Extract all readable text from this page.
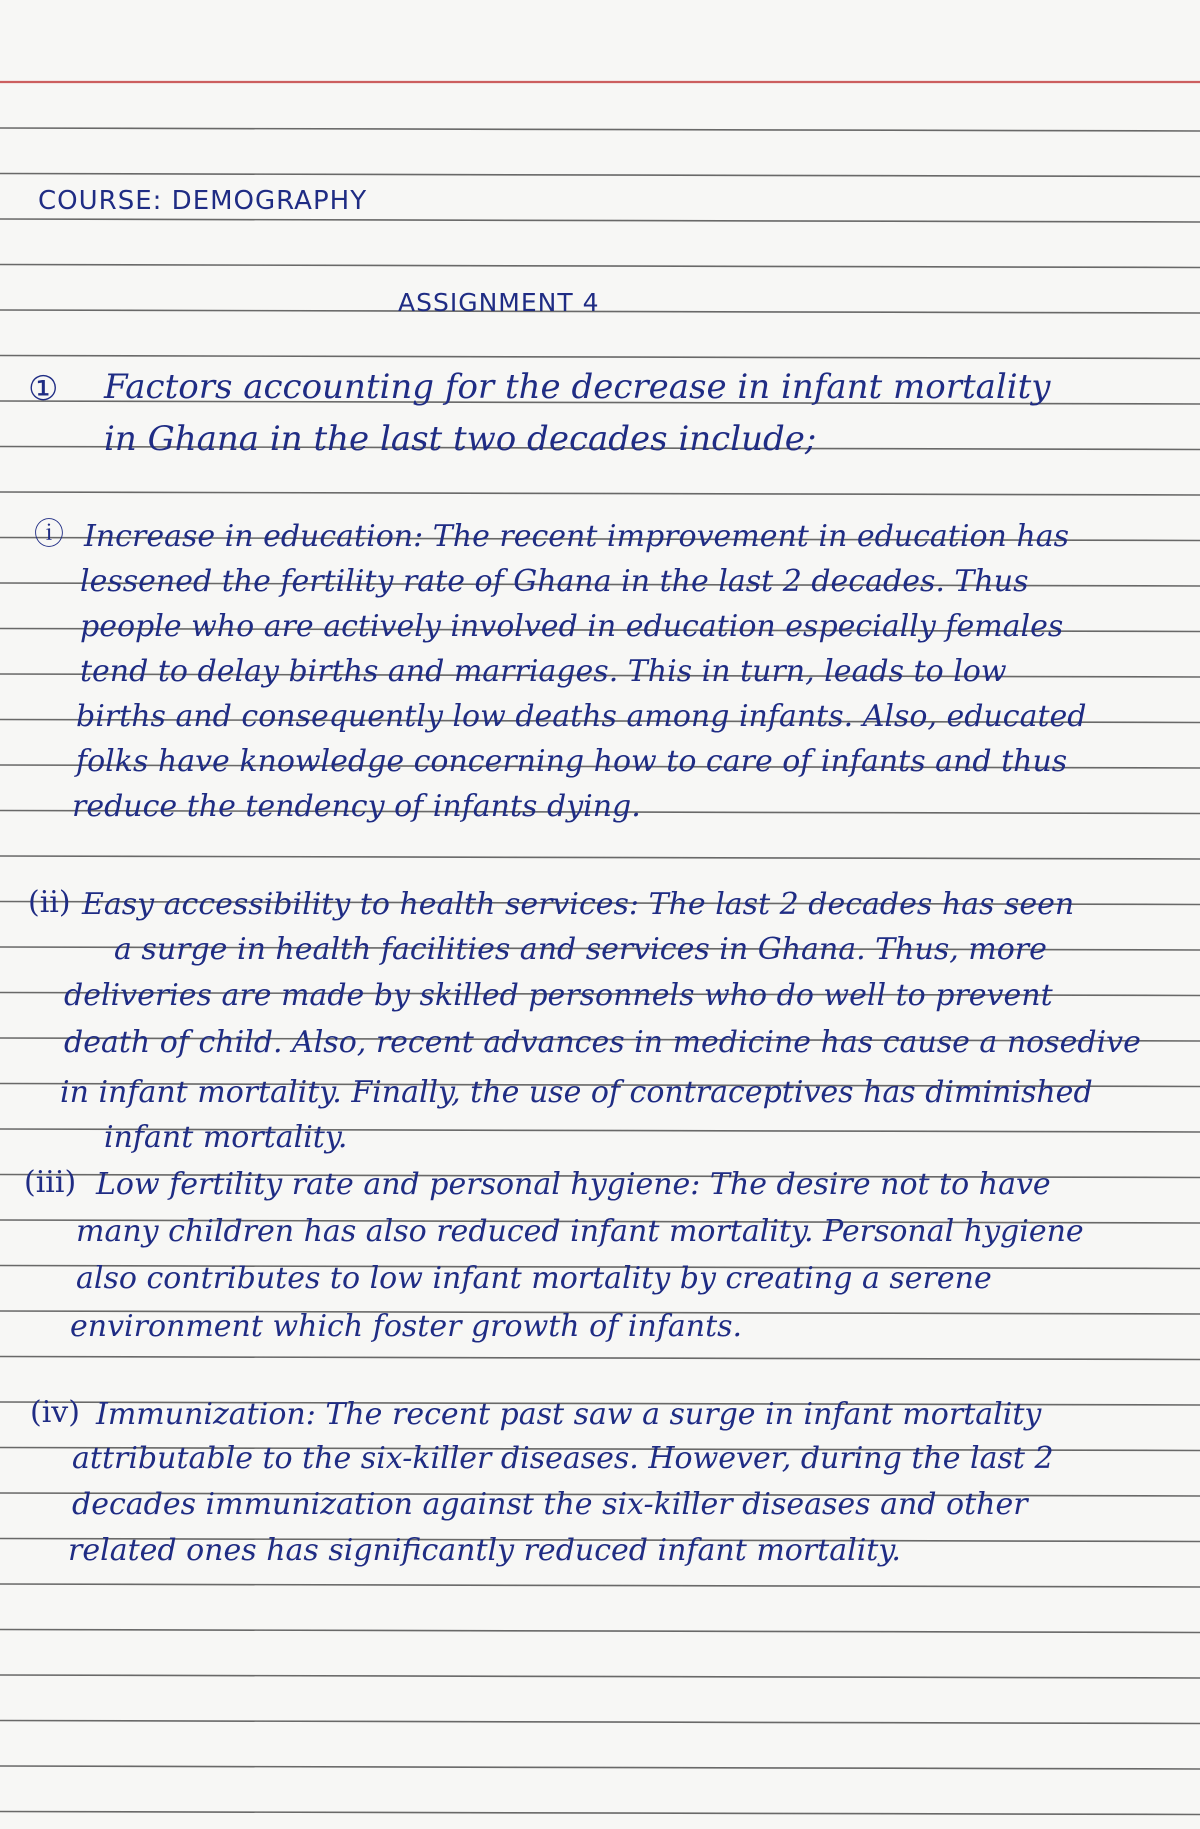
COURSE: DEMOGRAPHY
ASSIGNMENT 4
① Factors accounting for the decrease in infant mortality
in Ghana in the last two decades include;
ⓘ Increase in education: The recent improvement in education has
lessened the fertility rate of Ghana in the last 2 decades. Thus
people who are actively involved in education especially females
tend to delay births and marriages. This in turn, leads to low
births and consequently low deaths among infants. Also, educated
folks have knowledge concerning how to care of infants and thus
reduce the tendency of infants dying.
(ii) Easy accessibility to health services: The last 2 decades has seen
a surge in health facilities and services in Ghana. Thus, more
deliveries are made by skilled personnels who do well to prevent
death of child. Also, recent advances in medicine has cause a nosedive
in infant mortality. Finally, the use of contraceptives has diminished
infant mortality.
(iii) Low fertility rate and personal hygiene: The desire not to have
many children has also reduced infant mortality. Personal hygiene
also contributes to low infant mortality by creating a serene
environment which foster growth of infants.
(iv) Immunization: The recent past saw a surge in infant mortality
attributable to the six-killer diseases. However, during the last 2
decades immunization against the six-killer diseases and other
related ones has significantly reduced infant mortality.
